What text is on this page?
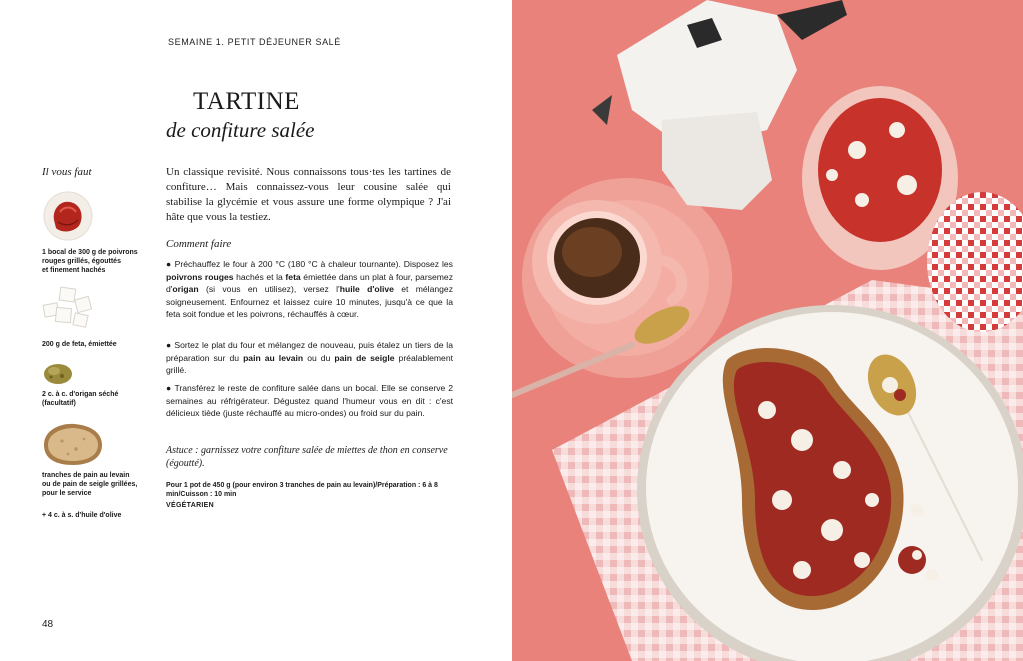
SEMAINE 1. PETIT DÉJEUNER SALÉ
TARTINE
de confiture salée
Il vous faut
1 bocal de 300 g de poivrons
rouges grillés, égouttés
et finement hachés
200 g de feta, émiettée
2 c. à c. d'origan séché
(facultatif)
tranches de pain au levain
ou de pain de seigle grillées,
pour le service
+ 4 c. à s. d'huile d'olive

Un classique revisité. Nous connaissons tous·tes les tartines de confiture… Mais connaissez-vous leur cousine salée qui stabilise la glycémie et vous assure une forme olympique ? J'ai hâte que vous la testiez.

Comment faire

● Préchauffez le four à 200 °C (180 °C à chaleur tournante). Disposez les poivrons rouges hachés et la feta émiettée dans un plat à four, parsemez d'origan (si vous en utilisez), versez l'huile d'olive et mélangez soigneusement. Enfournez et laissez cuire 10 minutes, jusqu'à ce que la feta soit fondue et les poivrons, réchauffés à cœur.

● Sortez le plat du four et mélangez de nouveau, puis étalez un tiers de la préparation sur du pain au levain ou du pain de seigle préalablement grillé.

● Transférez le reste de confiture salée dans un bocal. Elle se conserve 2 semaines au réfrigérateur. Dégustez quand l'humeur vous en dit : c'est délicieux tiède (juste réchauffé au micro-ondes) ou froid sur du pain.

Astuce : garnissez votre confiture salée de miettes de thon en conserve (égoutté).

Pour 1 pot de 450 g (pour environ 3 tranches de pain au levain)/Préparation : 6 à 8 min/Cuisson : 10 min

VÉGÉTARIEN
48
